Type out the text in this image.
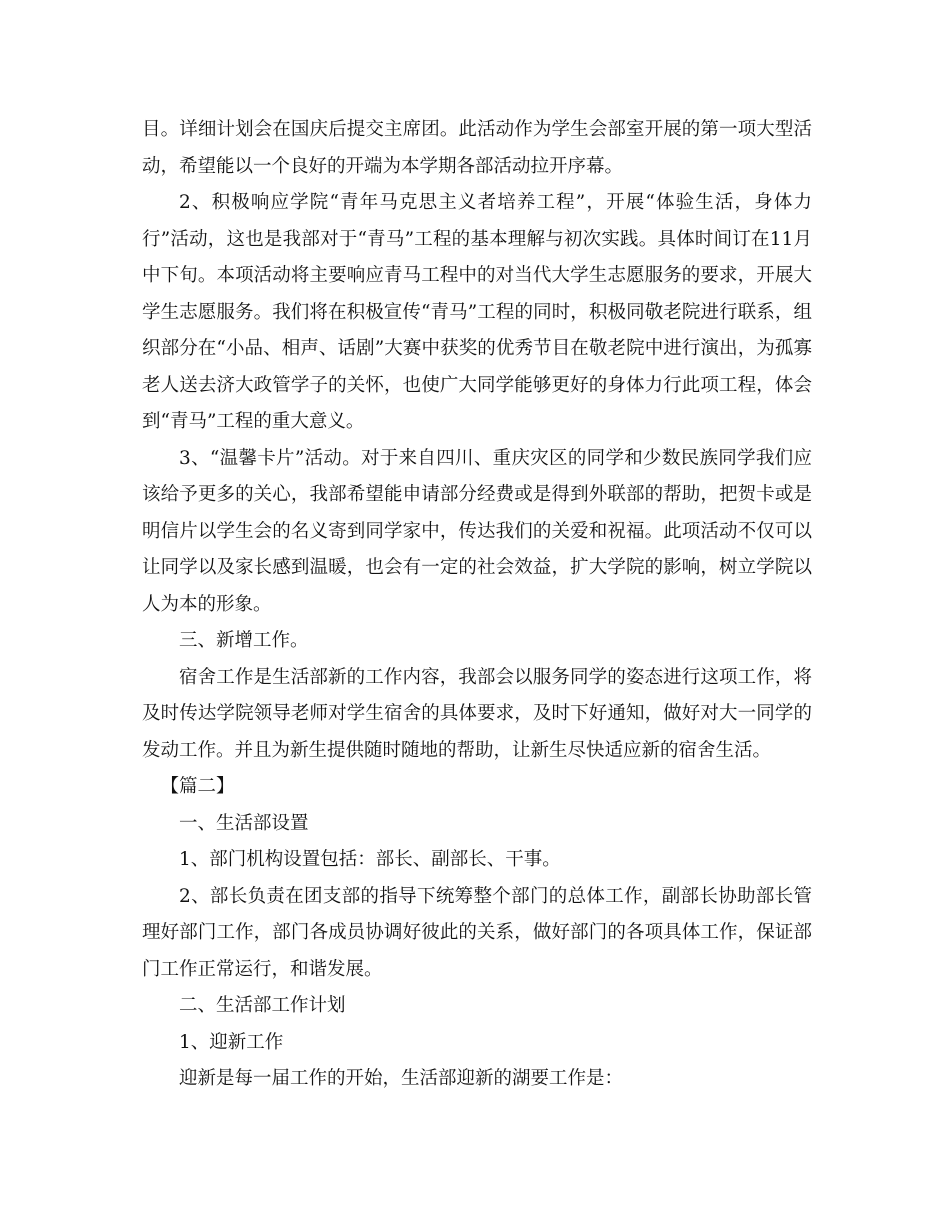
目。详细计划会在国庆后提交主席团。此活动作为学生会部室开展的第一项大型活动，希望能以一个良好的开端为本学期各部活动拉开序幕。

2、积极响应学院“青年马克思主义者培养工程”，开展“体验生活，身体力行”活动，这也是我部对于“青马”工程的基本理解与初次实践。具体时间订在11月中下旬。本项活动将主要响应青马工程中的对当代大学生志愿服务的要求，开展大学生志愿服务。我们将在积极宣传“青马”工程的同时，积极同敬老院进行联系，组织部分在“小品、相声、话剧”大赛中获奖的优秀节目在敬老院中进行演出，为孤寡老人送去济大政管学子的关怀，也使广大同学能够更好的身体力行此项工程，体会到“青马”工程的重大意义。

3、“温馨卡片”活动。对于来自四川、重庆灾区的同学和少数民族同学我们应该给予更多的关心，我部希望能申请部分经费或是得到外联部的帮助，把贺卡或是明信片以学生会的名义寄到同学家中，传达我们的关爱和祝福。此项活动不仅可以让同学以及家长感到温暖，也会有一定的社会效益，扩大学院的影响，树立学院以人为本的形象。

三、新增工作。

宿舍工作是生活部新的工作内容，我部会以服务同学的姿态进行这项工作，将及时传达学院领导老师对学生宿舍的具体要求，及时下好通知，做好对大一同学的发动工作。并且为新生提供随时随地的帮助，让新生尽快适应新的宿舍生活。

【篇二】

一、生活部设置

1、部门机构设置包括：部长、副部长、干事。

2、部长负责在团支部的指导下统筹整个部门的总体工作，副部长协助部长管理好部门工作，部门各成员协调好彼此的关系，做好部门的各项具体工作，保证部门工作正常运行，和谐发展。

二、生活部工作计划

1、迎新工作

迎新是每一届工作的开始，生活部迎新的湖要工作是：
